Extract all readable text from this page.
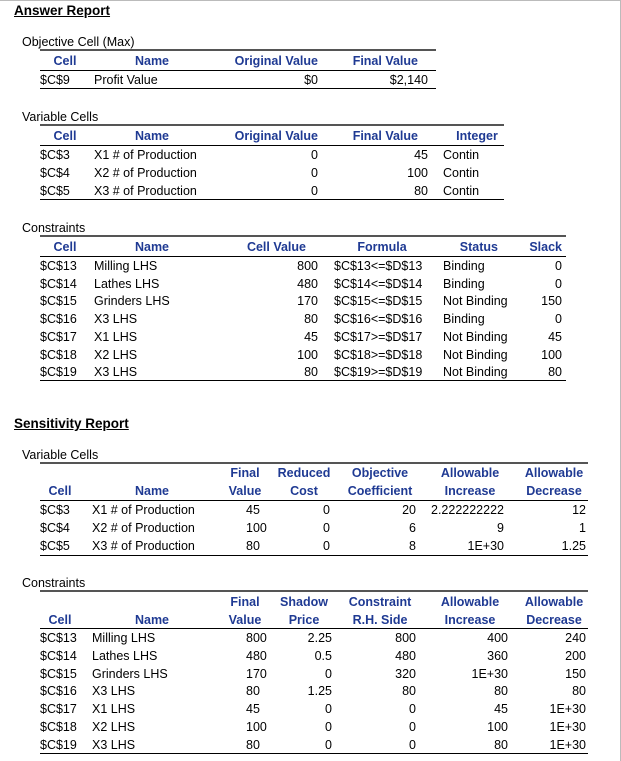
Answer Report
Objective Cell (Max)
Cell	Name	Original Value	Final Value
$C$9 Profit Value	$0	$2,140
Variable Cells
Cell	Name	Original Value	Final Value	Integer
$C$3 X1 # of Production	0	45 Contin
$C$4 X2 # of Production	0	100 Contin
$C$5 X3 # of Production	0	80 Contin
Constraints
Cell	Name	Cell Value	Formula	Status	Slack
$C$13 Milling LHS	800 $C$13<=$D$13 Binding	0
$C$14 Lathes LHS	480 $C$14<=$D$14 Binding	0
$C$15 Grinders LHS	170 $C$15<=$D$15 Not Binding	150
$C$16 X3 LHS	80 $C$16<=$D$16 Binding	0
$C$17 X1 LHS	45 $C$17>=$D$17 Not Binding	45
$C$18 X2 LHS	100 $C$18>=$D$18 Not Binding	100
$C$19 X3 LHS	80 $C$19>=$D$19 Not Binding	80
Sensitivity Report
Variable Cells
Final	Reduced	Objective	Allowable	Allowable
Cell	Name	Value	Cost	Coefficient	Increase	Decrease
$C$3 X1 # of Production	45	0	20	2.222222222	12
$C$4 X2 # of Production	100	0	6	9	1
$C$5 X3 # of Production	80	0	8	1E+30	1.25
Constraints
Final	Shadow	Constraint	Allowable	Allowable
Cell	Name	Value	Price	R.H. Side	Increase	Decrease
$C$13 Milling LHS	800	2.25	800	400	240
$C$14 Lathes LHS	480	0.5	480	360	200
$C$15 Grinders LHS	170	0	320	1E+30	150
$C$16 X3 LHS	80	1.25	80	80	80
$C$17 X1 LHS	45	0	0	45	1E+30
$C$18 X2 LHS	100	0	0	100	1E+30
$C$19 X3 LHS	80	0	0	80	1E+30
